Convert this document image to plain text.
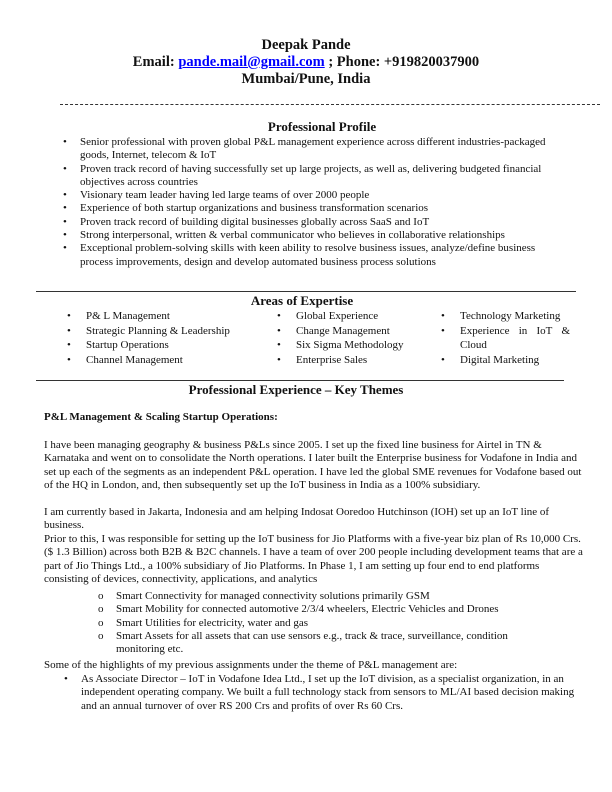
Deepak Pande
Email: pande.mail@gmail.com ; Phone: +919820037900
Mumbai/Pune, India
Professional Profile
• Senior professional with proven global P&L management experience across different industries-packaged goods, Internet, telecom & IoT
• Proven track record of having successfully set up large projects, as well as, delivering budgeted financial objectives across countries
• Visionary team leader having led large teams of over 2000 people
• Experience of both startup organizations and business transformation scenarios
• Proven track record of building digital businesses globally across SaaS and IoT
• Strong interpersonal, written & verbal communicator who believes in collaborative relationships
• Exceptional problem-solving skills with keen ability to resolve business issues, analyze/define business process improvements, design and develop automated business process solutions
Areas of Expertise
• P& L Management
• Strategic Planning & Leadership
• Startup Operations
• Channel Management
• Global Experience
• Change Management
• Six Sigma Methodology
• Enterprise Sales
• Technology Marketing
• Experience in IoT & Cloud
• Digital Marketing
Professional Experience – Key Themes
P&L Management & Scaling Startup Operations:
I have been managing geography & business P&Ls since 2005. I set up the fixed line business for Airtel in TN & Karnataka and went on to consolidate the North operations. I later built the Enterprise business for Vodafone in India and set up each of the segments as an independent P&L operation. I have led the global SME revenues for Vodafone based out of the HQ in London, and, then subsequently set up the IoT business in India as a 100% subsidiary.
I am currently based in Jakarta, Indonesia and am helping Indosat Ooredoo Hutchinson (IOH) set up an IoT line of business.
Prior to this, I was responsible for setting up the IoT business for Jio Platforms with a five-year biz plan of Rs 10,000 Crs. ($ 1.3 Billion) across both B2B & B2C channels. I have a team of over 200 people including development teams that are a part of Jio Things Ltd., a 100% subsidiary of Jio Platforms. In Phase 1, I am setting up four end to end platforms consisting of devices, connectivity, applications, and analytics
o Smart Connectivity for managed connectivity solutions primarily GSM
o Smart Mobility for connected automotive 2/3/4 wheelers, Electric Vehicles and Drones
o Smart Utilities for electricity, water and gas
o Smart Assets for all assets that can use sensors e.g., track & trace, surveillance, condition monitoring etc.
Some of the highlights of my previous assignments under the theme of P&L management are:
• As Associate Director – IoT in Vodafone Idea Ltd., I set up the IoT division, as a specialist organization, in an independent operating company. We built a full technology stack from sensors to ML/AI based decision making and an annual turnover of over RS 200 Crs and profits of over Rs 60 Crs.
